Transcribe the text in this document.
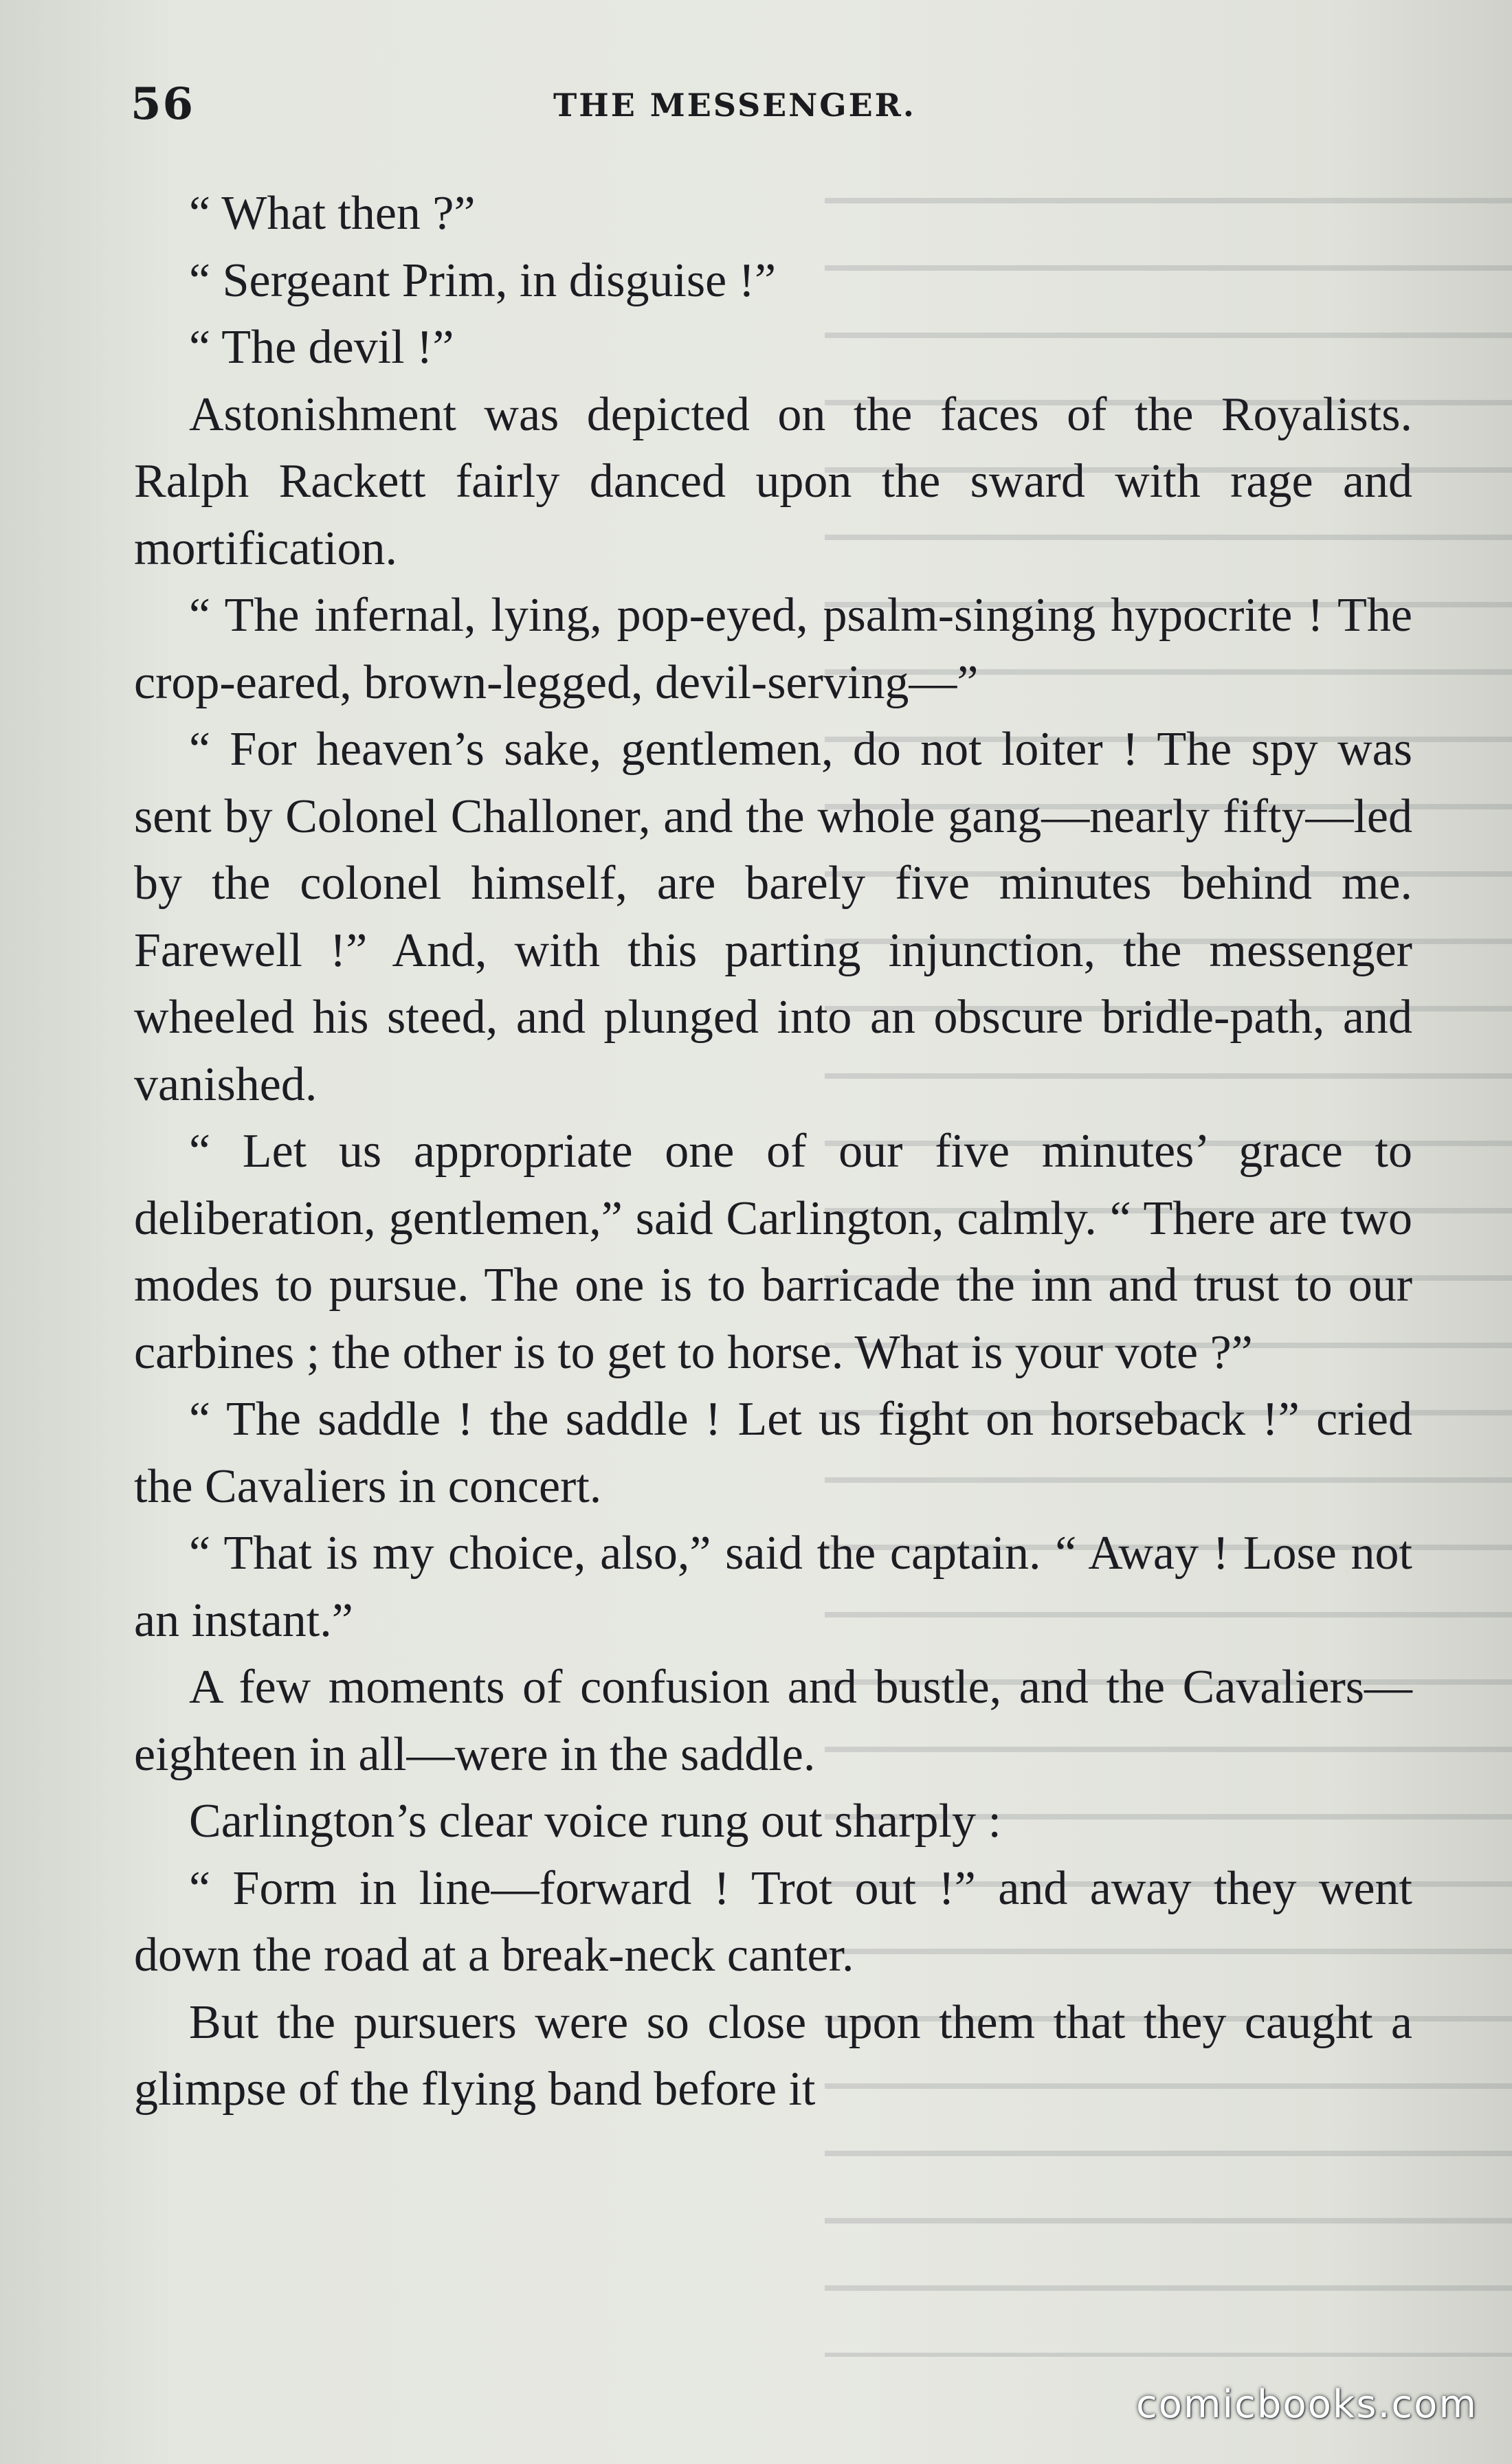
56	THE MESSENGER.

“ What then ?”

“ Sergeant Prim, in disguise !”

“ The devil !”

Astonishment was depicted on the faces of the Royalists. Ralph Rackett fairly danced upon the sward with rage and mortification.

“ The infernal, lying, pop-eyed, psalm-singing hypocrite ! The crop-eared, brown-legged, devil-serving—”

“ For heaven’s sake, gentlemen, do not loiter ! The spy was sent by Colonel Challoner, and the whole gang—nearly fifty—led by the colonel himself, are barely five minutes behind me. Farewell !” And, with this parting injunction, the messenger wheeled his steed, and plunged into an obscure bridle-path, and vanished.

“ Let us appropriate one of our five minutes’ grace to deliberation, gentlemen,” said Carlington, calmly. “ There are two modes to pursue. The one is to barricade the inn and trust to our carbines ; the other is to get to horse. What is your vote ?”

“ The saddle ! the saddle ! Let us fight on horseback !” cried the Cavaliers in concert.

“ That is my choice, also,” said the captain. “ Away ! Lose not an instant.”

A few moments of confusion and bustle, and the Cavaliers—eighteen in all—were in the saddle.

Carlington’s clear voice rung out sharply :

“ Form in line—forward ! Trot out !” and away they went down the road at a break-neck canter.

But the pursuers were so close upon them that they caught a glimpse of the flying band before it

comicbooks.com
